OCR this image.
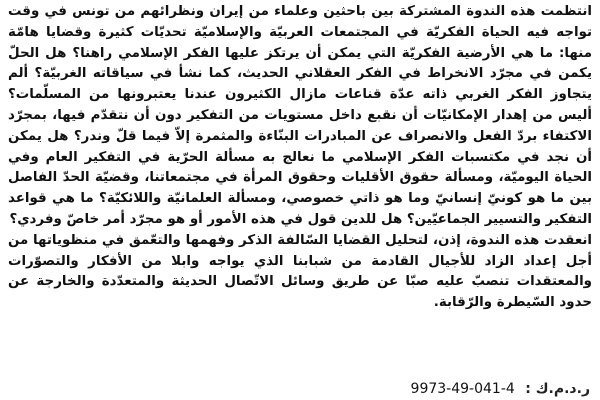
انتظمت هذه الندوة المشتركة بين باحثين وعلماء من إيران ونظرائهم من تونس في وقت تواجه فيه الحياة الفكريّة في المجتمعات العربيّة والإسلاميّة تحديّات كثيرة وقضايا هامّة منها: ما هي الأرضية الفكريّة التي يمكن أن يرتكز عليها الفكر الإسلامي راهنا؟ هل الحلّ يكمن في مجرّد الانخراط في الفكر العقلاني الحديث، كما نشأ في سياقاته الغربيّة؟ ألم يتجاوز الفكر الغربي ذاته عدّة قناعات مازال الكثيرون عندنا يعتبرونها من المسلّمات؟ أليس من إهدار الإمكانيّات أن نقبع داخل مستويات من التفكير دون أن نتقدّم فيها، بمجرّد الاكتفاء بردّ الفعل والانصراف عن المبادرات البنّاءة والمثمرة إلاّ فيما قلّ وندر؟ هل يمكن أن نجد في مكتسبات الفكر الإسلامي ما نعالج به مسألة الحرّية في التفكير العام وفي الحياة اليوميّة، ومسألة حقوق الأقليات وحقوق المرأة في مجتمعاتنا، وقضيّة الحدّ الفاصل بين ما هو كونيّ إنسانيّ وما هو ذاتي خصوصي، ومسألة العلمانيّة واللائكيّة؟ ما هي قواعد التفكير والتسيير الجماعيّين؟ هل للدين قول في هذه الأمور أو هو مجرّد أمر خاصّ وفردي؟

انعقدت هذه الندوة، إذن، لتحليل القضايا السّالفة الذكر وفهمها والتعّمق في منظوياتها من أجل إعداد الزاد للأجيال القادمة من شبابنا الذي يواجه وابلا من الأفكار والتصوّرات والمعتقدات تنصبّ عليه صبّا عن طريق وسائل الاتّصال الحديثة والمتعدّدة والخارجة عن حدود السّيطرة والرّقابة.

ر.د.م.ك : 9973-49-041-4
